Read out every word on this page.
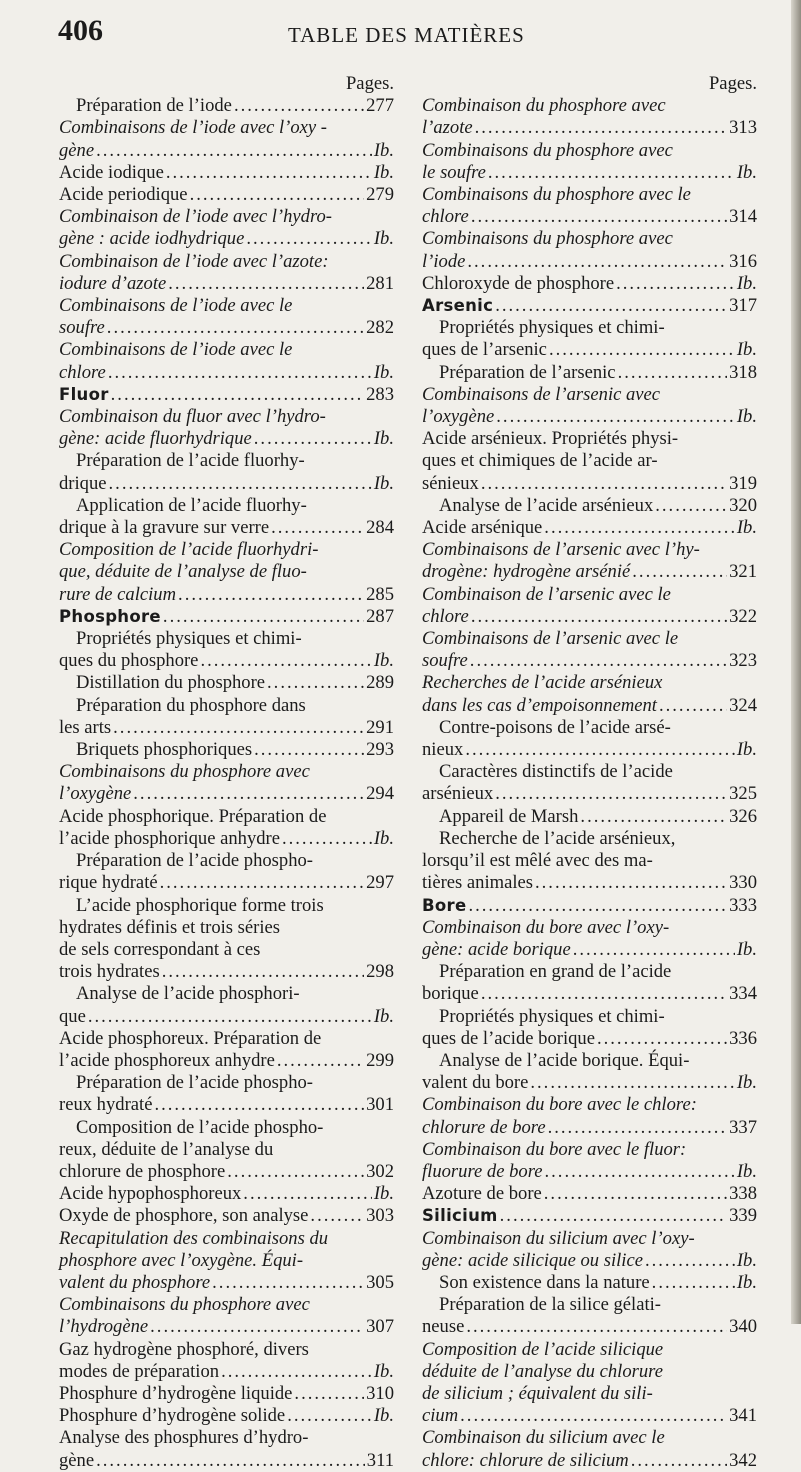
406	TABLE DES MATIÈRES
Pages.
Préparation de l’iode .....	277
Combinaisons de l’iode avec l’oxy -
gène .....	Ib.
Acide iodique .....	Ib.
Acide periodique .....	279
Combinaison de l’iode avec l’hydro-
gène : acide iodhydrique .....	Ib.
Combinaison de l’iode avec l’azote:
iodure d’azote .....	281
Combinaisons de l’iode avec le
soufre .....	282
Combinaisons de l’iode avec le
chlore .....	Ib.
Fluor .....	283
Combinaison du fluor avec l’hydro-
gène: acide fluorhydrique .....	Ib.
Préparation de l’acide fluorhy-
drique .....	Ib.
Application de l’acide fluorhy-
drique à la gravure sur verre .....	284
Composition de l’acide fluorhydri-
que, déduite de l’analyse de fluo-
rure de calcium .....	285
Phosphore .....	287
Propriétés physiques et chimi-
ques du phosphore .....	Ib.
Distillation du phosphore .....	289
Préparation du phosphore dans
les arts .....	291
Briquets phosphoriques .....	293
Combinaisons du phosphore avec
l’oxygène .....	294
Acide phosphorique. Préparation de
l’acide phosphorique anhydre .....	Ib.
Préparation de l’acide phospho-
rique hydraté .....	297
L’acide phosphorique forme trois
hydrates définis et trois séries
de sels correspondant à ces
trois hydrates .....	298
Analyse de l’acide phosphori-
que .....	Ib.
Acide phosphoreux. Préparation de
l’acide phosphoreux anhydre .....	299
Préparation de l’acide phospho-
reux hydraté .....	301
Composition de l’acide phospho-
reux, déduite de l’analyse du
chlorure de phosphore .....	302
Acide hypophosphoreux .....	Ib.
Oxyde de phosphore, son analyse .....	303
Recapitulation des combinaisons du
phosphore avec l’oxygène. Équi-
valent du phosphore .....	305
Combinaisons du phosphore avec
l’hydrogène .....	307
Gaz hydrogène phosphoré, divers
modes de préparation .....	Ib.
Phosphure d’hydrogène liquide .....	310
Phosphure d’hydrogène solide .....	Ib.
Analyse des phosphures d’hydro-
gène .....	311
Pages.
Combinaison du phosphore avec
l’azote .....	313
Combinaisons du phosphore avec
le soufre .....	Ib.
Combinaisons du phosphore avec le
chlore .....	314
Combinaisons du phosphore avec
l’iode .....	316
Chloroxyde de phosphore .....	Ib.
Arsenic .....	317
Propriétés physiques et chimi-
ques de l’arsenic .....	Ib.
Préparation de l’arsenic .....	318
Combinaisons de l’arsenic avec
l’oxygène .....	Ib.
Acide arsénieux. Propriétés physi-
ques et chimiques de l’acide ar-
sénieux .....	319
Analyse de l’acide arsénieux .....	320
Acide arsénique .....	Ib.
Combinaisons de l’arsenic avec l’hy-
drogène: hydrogène arsénié .....	321
Combinaison de l’arsenic avec le
chlore .....	322
Combinaisons de l’arsenic avec le
soufre .....	323
Recherches de l’acide arsénieux
dans les cas d’empoisonnement .....	324
Contre-poisons de l’acide arsé-
nieux .....	Ib.
Caractères distinctifs de l’acide
arsénieux .....	325
Appareil de Marsh .....	326
Recherche de l’acide arsénieux,
lorsqu’il est mêlé avec des ma-
tières animales .....	330
Bore .....	333
Combinaison du bore avec l’oxy-
gène: acide borique .....	Ib.
Préparation en grand de l’acide
borique .....	334
Propriétés physiques et chimi-
ques de l’acide borique .....	336
Analyse de l’acide borique. Équi-
valent du bore .....	Ib.
Combinaison du bore avec le chlore:
chlorure de bore .....	337
Combinaison du bore avec le fluor:
fluorure de bore .....	Ib.
Azoture de bore .....	338
Silicium .....	339
Combinaison du silicium avec l’oxy-
gène: acide silicique ou silice .....	Ib.
Son existence dans la nature .....	Ib.
Préparation de la silice gélati-
neuse .....	340
Composition de l’acide silicique
déduite de l’analyse du chlorure
de silicium ; équivalent du sili-
cium .....	341
Combinaison du silicium avec le
chlore: chlorure de silicium .....	342
